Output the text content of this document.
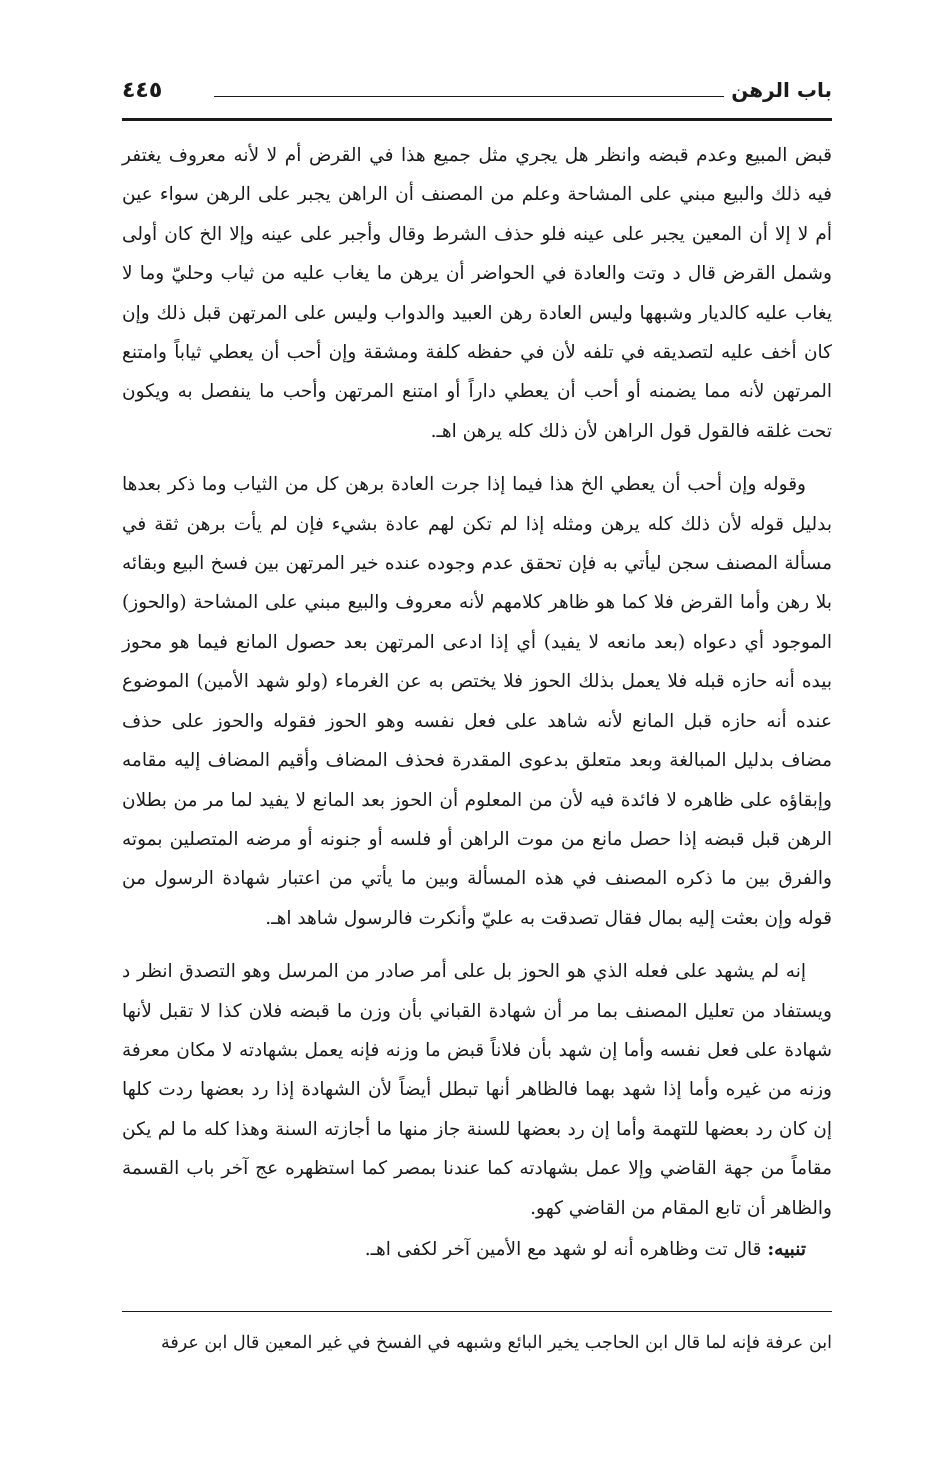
باب الرهن
٤٤٥

قبض المبيع وعدم قبضه وانظر هل يجري مثل جميع هذا في القرض أم لا لأنه معروف يغتفر فيه ذلك والبيع مبني على المشاحة وعلم من المصنف أن الراهن يجبر على الرهن سواء عين أم لا إلا أن المعين يجبر على عينه فلو حذف الشرط وقال وأجبر على عينه وإلا الخ كان أولى وشمل القرض قال د وتت والعادة في الحواضر أن يرهن ما يغاب عليه من ثياب وحليّ وما لا يغاب عليه كالديار وشبهها وليس العادة رهن العبيد والدواب وليس على المرتهن قبل ذلك وإن كان أخف عليه لتصديقه في تلفه لأن في حفظه كلفة ومشقة وإن أحب أن يعطي ثياباً وامتنع المرتهن لأنه مما يضمنه أو أحب أن يعطي داراً أو امتنع المرتهن وأحب ما ينفصل به ويكون تحت غلقه فالقول قول الراهن لأن ذلك كله يرهن اهـ.

وقوله وإن أحب أن يعطي الخ هذا فيما إذا جرت العادة برهن كل من الثياب وما ذكر بعدها بدليل قوله لأن ذلك كله يرهن ومثله إذا لم تكن لهم عادة بشيء فإن لم يأت برهن ثقة في مسألة المصنف سجن ليأتي به فإن تحقق عدم وجوده عنده خير المرتهن بين فسخ البيع وبقائه بلا رهن وأما القرض فلا كما هو ظاهر كلامهم لأنه معروف والبيع مبني على المشاحة (والحوز) الموجود أي دعواه (بعد مانعه لا يفيد) أي إذا ادعى المرتهن بعد حصول المانع فيما هو محوز بيده أنه حازه قبله فلا يعمل بذلك الحوز فلا يختص به عن الغرماء (ولو شهد الأمين) الموضوع عنده أنه حازه قبل المانع لأنه شاهد على فعل نفسه وهو الحوز فقوله والحوز على حذف مضاف بدليل المبالغة وبعد متعلق بدعوى المقدرة فحذف المضاف وأقيم المضاف إليه مقامه وإبقاؤه على ظاهره لا فائدة فيه لأن من المعلوم أن الحوز بعد المانع لا يفيد لما مر من بطلان الرهن قبل قبضه إذا حصل مانع من موت الراهن أو فلسه أو جنونه أو مرضه المتصلين بموته والفرق بين ما ذكره المصنف في هذه المسألة وبين ما يأتي من اعتبار شهادة الرسول من قوله وإن بعثت إليه بمال فقال تصدقت به عليّ وأنكرت فالرسول شاهد اهـ.

إنه لم يشهد على فعله الذي هو الحوز بل على أمر صادر من المرسل وهو التصدق انظر د ويستفاد من تعليل المصنف بما مر أن شهادة القباني بأن وزن ما قبضه فلان كذا لا تقبل لأنها شهادة على فعل نفسه وأما إن شهد بأن فلاناً قبض ما وزنه فإنه يعمل بشهادته لا مكان معرفة وزنه من غيره وأما إذا شهد بهما فالظاهر أنها تبطل أيضاً لأن الشهادة إذا رد بعضها ردت كلها إن كان رد بعضها للتهمة وأما إن رد بعضها للسنة جاز منها ما أجازته السنة وهذا كله ما لم يكن مقاماً من جهة القاضي وإلا عمل بشهادته كما عندنا بمصر كما استظهره عج آخر باب القسمة والظاهر أن تابع المقام من القاضي كهو.

تنبيه: قال تت وظاهره أنه لو شهد مع الأمين آخر لكفى اهـ.

ابن عرفة فإنه لما قال ابن الحاجب يخير البائع وشبهه في الفسخ في غير المعين قال ابن عرفة
